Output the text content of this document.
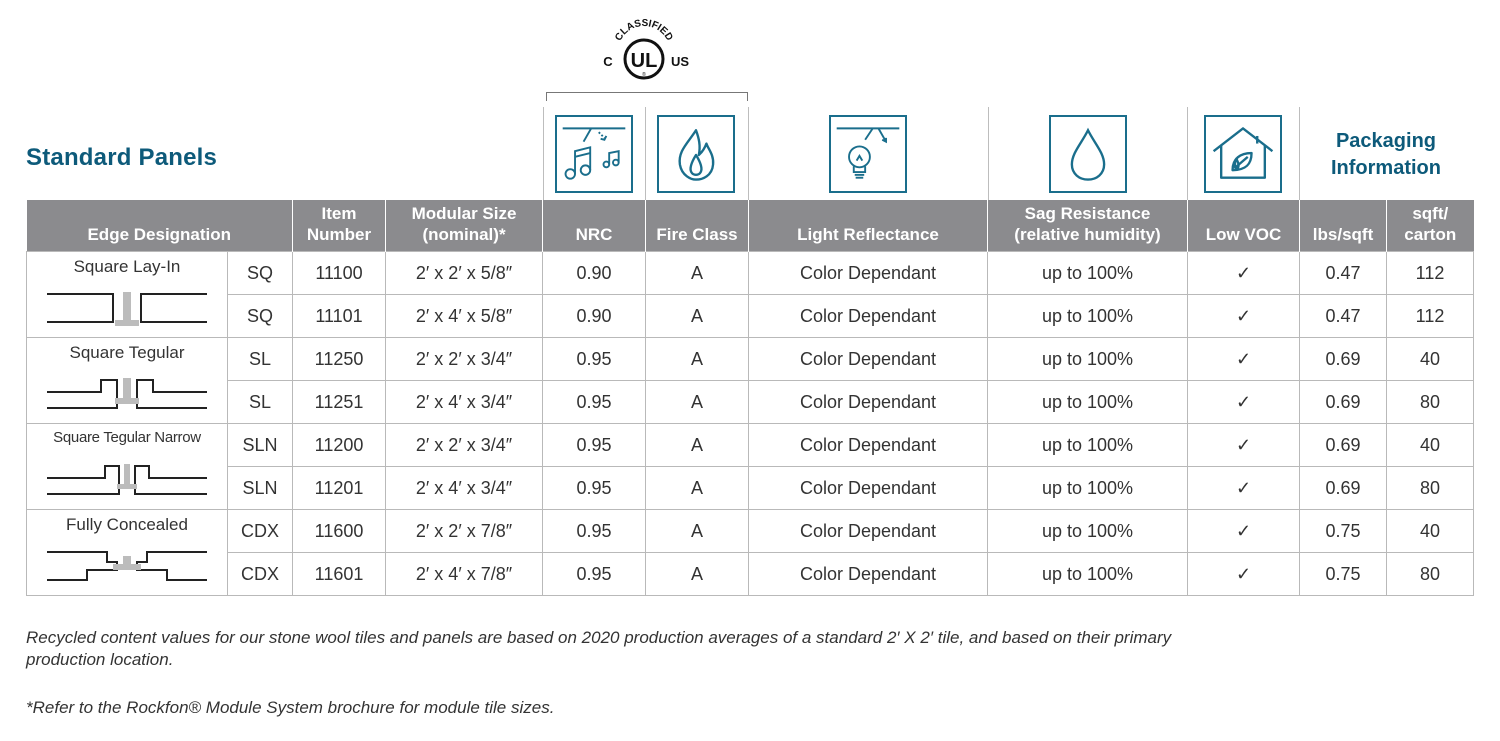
Standard Panels
CLASSIFIED
UL
®
C	US
Packaging Information
Edge Designation		Item Number	Modular Size (nominal)*	NRC	Fire Class	Light Reflectance	Sag Resistance (relative humidity)	Low VOC	lbs/sqft	sqft/ carton

Square Lay-In	SQ	11100	2′ x 2′ x 5/8″	0.90	A	Color Dependant	up to 100%	✓	0.47	112
	SQ	11101	2′ x 4′ x 5/8″	0.90	A	Color Dependant	up to 100%	✓	0.47	112

Square Tegular	SL	11250	2′ x 2′ x 3/4″	0.95	A	Color Dependant	up to 100%	✓	0.69	40
	SL	11251	2′ x 4′ x 3/4″	0.95	A	Color Dependant	up to 100%	✓	0.69	80

Square Tegular Narrow	SLN	11200	2′ x 2′ x 3/4″	0.95	A	Color Dependant	up to 100%	✓	0.69	40
	SLN	11201	2′ x 4′ x 3/4″	0.95	A	Color Dependant	up to 100%	✓	0.69	80

Fully Concealed	CDX	11600	2′ x 2′ x 7/8″	0.95	A	Color Dependant	up to 100%	✓	0.75	40
	CDX	11601	2′ x 4′ x 7/8″	0.95	A	Color Dependant	up to 100%	✓	0.75	80
Recycled content values for our stone wool tiles and panels are based on 2020 production averages of a standard 2′ X 2′ tile, and based on their primary production location.
*Refer to the Rockfon® Module System brochure for module tile sizes.
